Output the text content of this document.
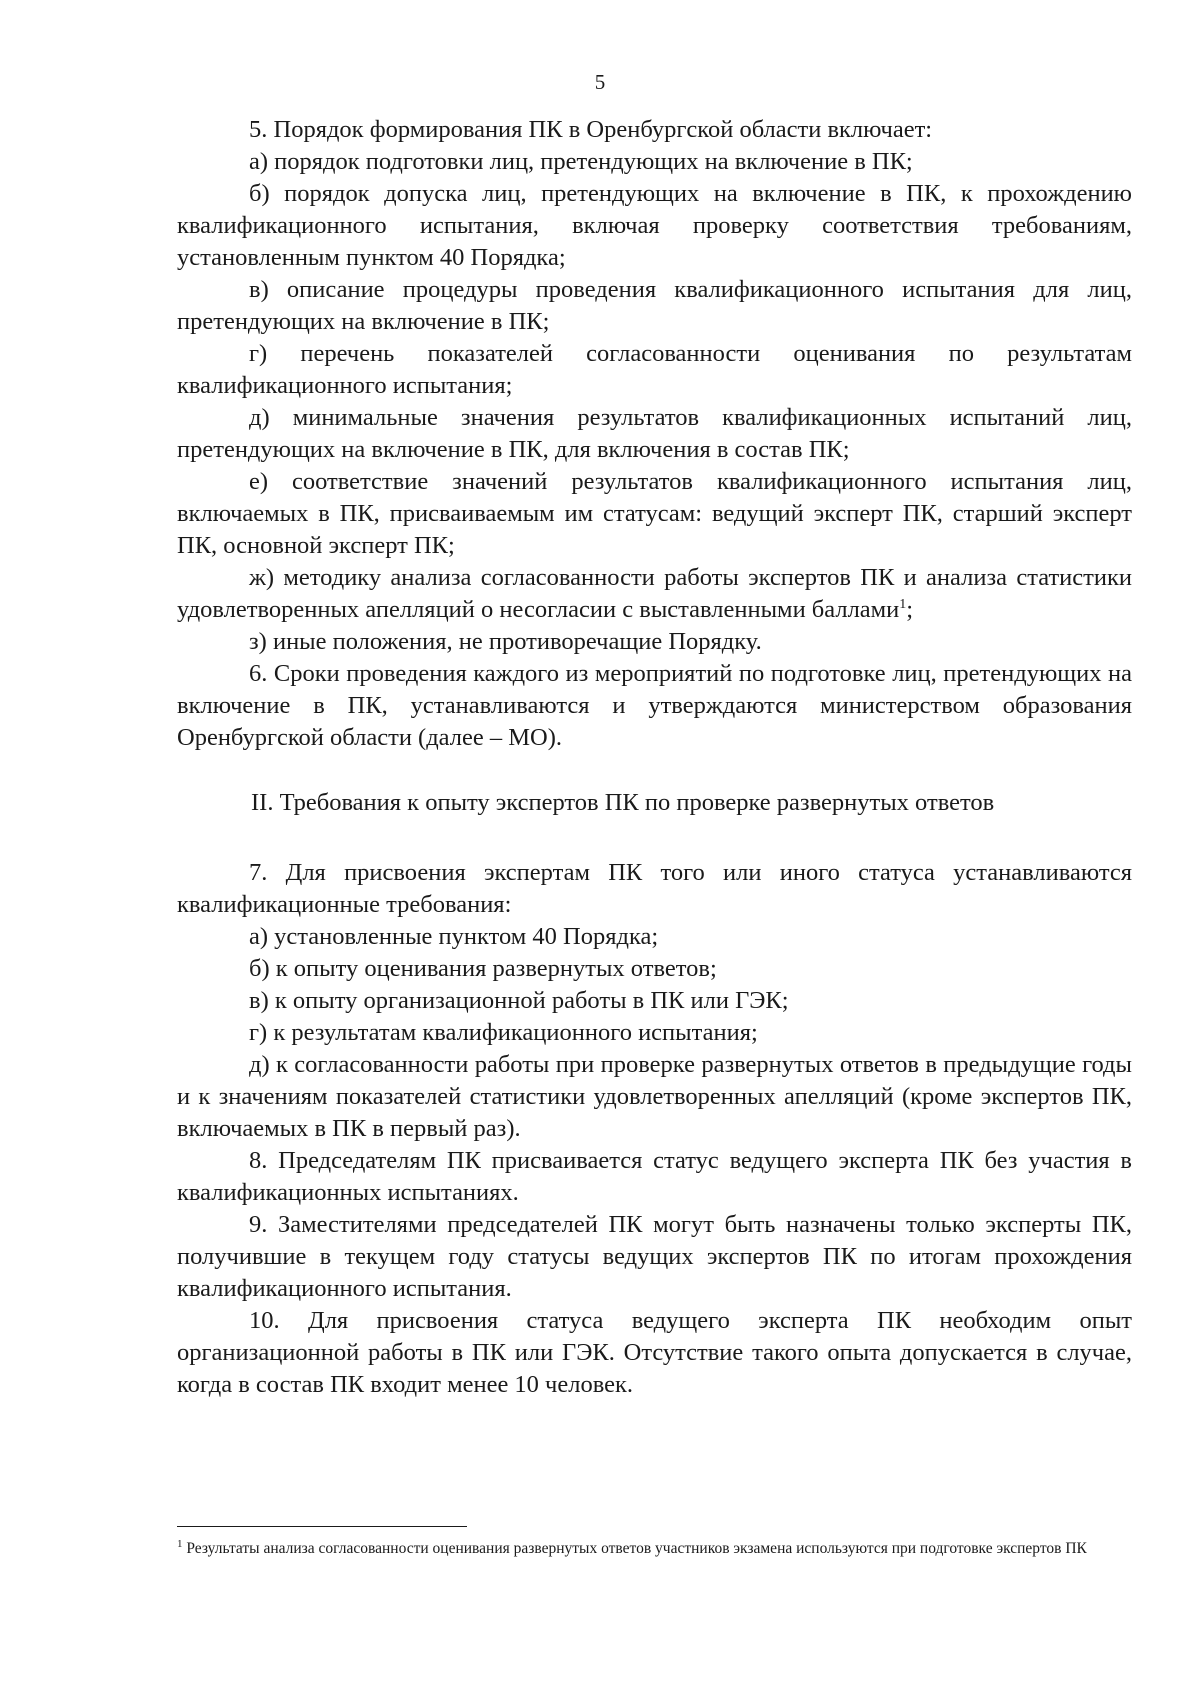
5

5. Порядок формирования ПК в Оренбургской области включает:

а) порядок подготовки лиц, претендующих на включение в ПК;

б) порядок допуска лиц, претендующих на включение в ПК, к прохождению квалификационного испытания, включая проверку соответствия требованиям, установленным пунктом 40 Порядка;

в) описание процедуры проведения квалификационного испытания для лиц, претендующих на включение в ПК;

г) перечень показателей согласованности оценивания по результатам квалификационного испытания;

д) минимальные значения результатов квалификационных испытаний лиц, претендующих на включение в ПК, для включения в состав ПК;

е) соответствие значений результатов квалификационного испытания лиц, включаемых в ПК, присваиваемым им статусам: ведущий эксперт ПК, старший эксперт ПК, основной эксперт ПК;

ж) методику анализа согласованности работы экспертов ПК и анализа статистики удовлетворенных апелляций о несогласии с выставленными баллами$^1$;

з) иные положения, не противоречащие Порядку.

6. Сроки проведения каждого из мероприятий по подготовке лиц, претендующих на включение в ПК, устанавливаются и утверждаются министерством образования Оренбургской области (далее – МО).

II. Требования к опыту экспертов ПК по проверке развернутых ответов

7. Для присвоения экспертам ПК того или иного статуса устанавливаются квалификационные требования:

а) установленные пунктом 40 Порядка;

б) к опыту оценивания развернутых ответов;

в) к опыту организационной работы в ПК или ГЭК;

г) к результатам квалификационного испытания;

д) к согласованности работы при проверке развернутых ответов в предыдущие годы и к значениям показателей статистики удовлетворенных апелляций (кроме экспертов ПК, включаемых в ПК в первый раз).

8. Председателям ПК присваивается статус ведущего эксперта ПК без участия в квалификационных испытаниях.

9. Заместителями председателей ПК могут быть назначены только эксперты ПК, получившие в текущем году статусы ведущих экспертов ПК по итогам прохождения квалификационного испытания.

10. Для присвоения статуса ведущего эксперта ПК необходим опыт организационной работы в ПК или ГЭК. Отсутствие такого опыта допускается в случае, когда в состав ПК входит менее 10 человек.

$^1$ Результаты анализа согласованности оценивания развернутых ответов участников экзамена используются при подготовке экспертов ПК
